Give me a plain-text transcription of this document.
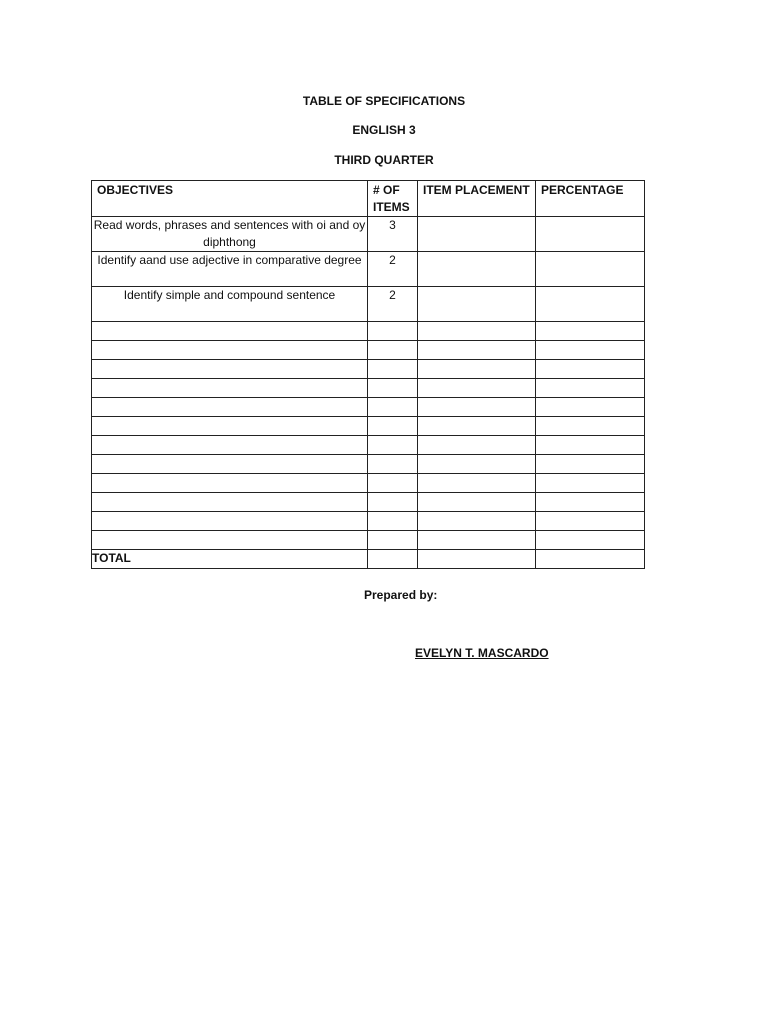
TABLE OF SPECIFICATIONS
ENGLISH 3
THIRD QUARTER
OBJECTIVES	# OF ITEMS	ITEM PLACEMENT	PERCENTAGE
Read words, phrases and sentences with oi and oy diphthong	3		
Identify aand use adjective in comparative degree	2		
Identify simple and compound sentence	2		

TOTAL			
Prepared by:
EVELYN T. MASCARDO
